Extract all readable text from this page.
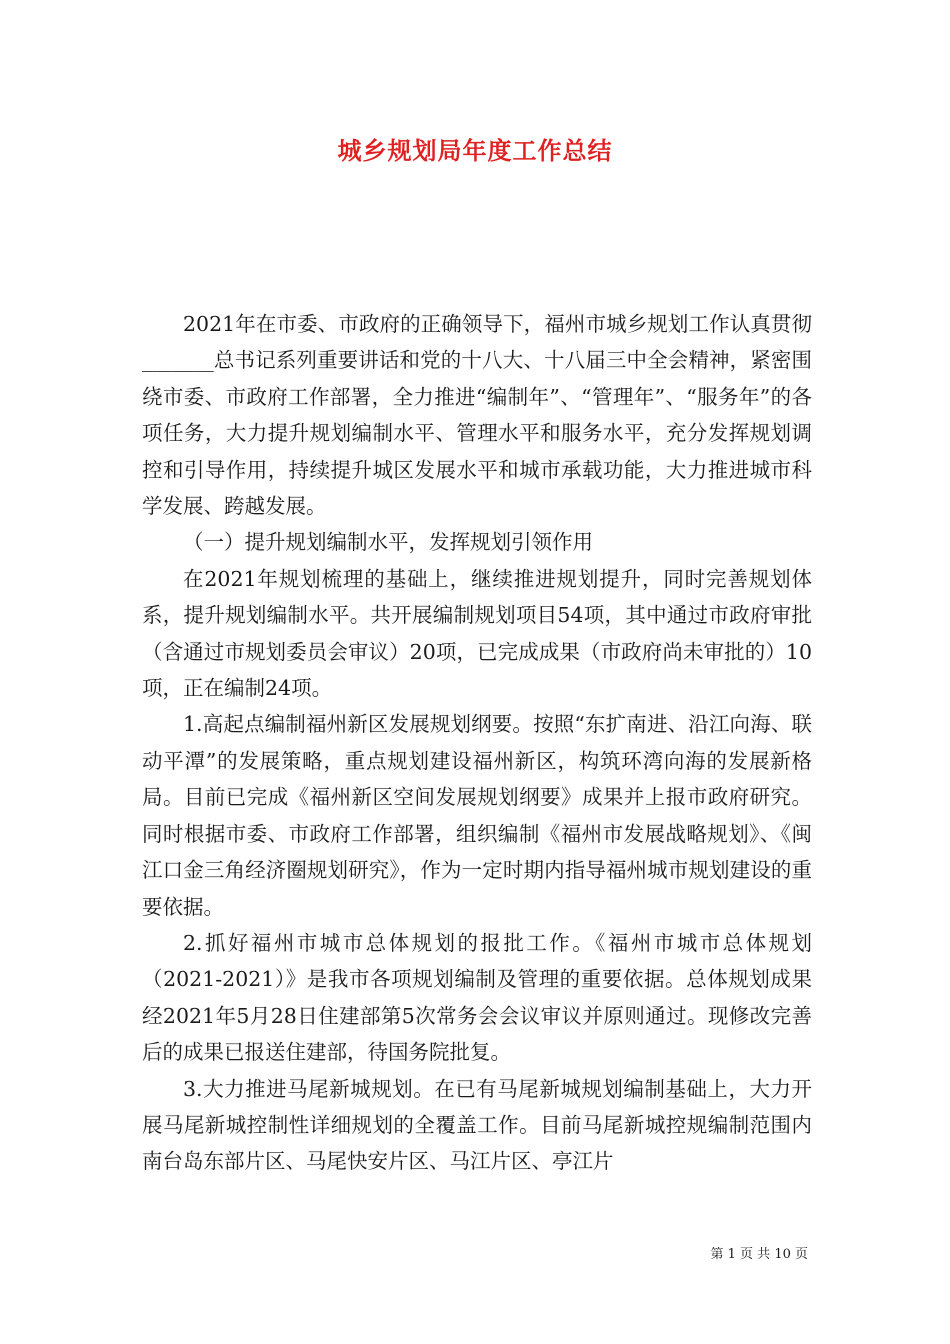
城乡规划局年度工作总结

2021年在市委、市政府的正确领导下，福州市城乡规划工作认真贯彻_______总书记系列重要讲话和党的十八大、十八届三中全会精神，紧密围绕市委、市政府工作部署，全力推进“编制年”、“管理年”、“服务年”的各项任务，大力提升规划编制水平、管理水平和服务水平，充分发挥规划调控和引导作用，持续提升城区发展水平和城市承载功能，大力推进城市科学发展、跨越发展。

（一）提升规划编制水平，发挥规划引领作用

在2021年规划梳理的基础上，继续推进规划提升，同时完善规划体系，提升规划编制水平。共开展编制规划项目54项，其中通过市政府审批（含通过市规划委员会审议）20项，已完成成果（市政府尚未审批的）10项，正在编制24项。

1.高起点编制福州新区发展规划纲要。按照“东扩南进、沿江向海、联动平潭”的发展策略，重点规划建设福州新区，构筑环湾向海的发展新格局。目前已完成《福州新区空间发展规划纲要》成果并上报市政府研究。同时根据市委、市政府工作部署，组织编制《福州市发展战略规划》、《闽江口金三角经济圈规划研究》，作为一定时期内指导福州城市规划建设的重要依据。

2.抓好福州市城市总体规划的报批工作。《福州市城市总体规划（2021-2021）》是我市各项规划编制及管理的重要依据。总体规划成果经2021年5月28日住建部第5次常务会会议审议并原则通过。现修改完善后的成果已报送住建部，待国务院批复。

3.大力推进马尾新城规划。在已有马尾新城规划编制基础上，大力开展马尾新城控制性详细规划的全覆盖工作。目前马尾新城控规编制范围内南台岛东部片区、马尾快安片区、马江片区、亭江片

第 1 页 共 10 页
